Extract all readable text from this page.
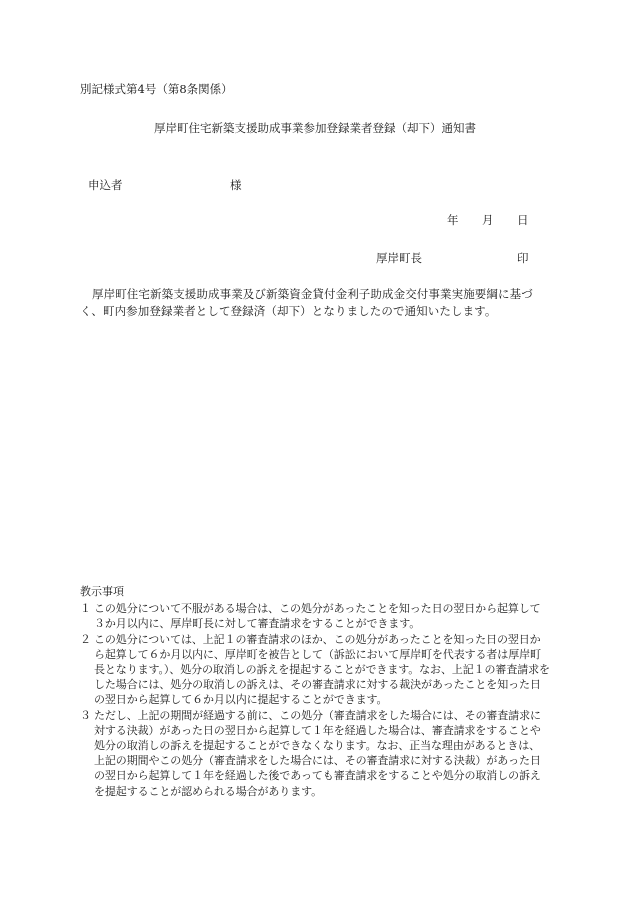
別記様式第4号（第8条関係）
厚岸町住宅新築支援助成事業参加登録業者登録（却下）通知書
申込者	様
年 月 日
厚岸町長	印
厚岸町住宅新築支援助成事業及び新築資金貸付金利子助成金交付事業実施要綱に基づく、町内参加登録業者として登録済（却下）となりましたので通知いたします。

教示事項

１ この処分について不服がある場合は、この処分があったことを知った日の翌日から起算して３か月以内に、厚岸町長に対して審査請求をすることができます。

２ この処分については、上記１の審査請求のほか、この処分があったことを知った日の翌日から起算して６か月以内に、厚岸町を被告として（訴訟において厚岸町を代表する者は厚岸町長となります。）、処分の取消しの訴えを提起することができます。なお、上記１の審査請求をした場合には、処分の取消しの訴えは、その審査請求に対する裁決があったことを知った日の翌日から起算して６か月以内に提起することができます。

３ ただし、上記の期間が経過する前に、この処分（審査請求をした場合には、その審査請求に対する決裁）があった日の翌日から起算して１年を経過した場合は、審査請求をすることや処分の取消しの訴えを提起することができなくなります。なお、正当な理由があるときは、上記の期間やこの処分（審査請求をした場合には、その審査請求に対する決裁）があった日の翌日から起算して１年を経過した後であっても審査請求をすることや処分の取消しの訴えを提起することが認められる場合があります。
